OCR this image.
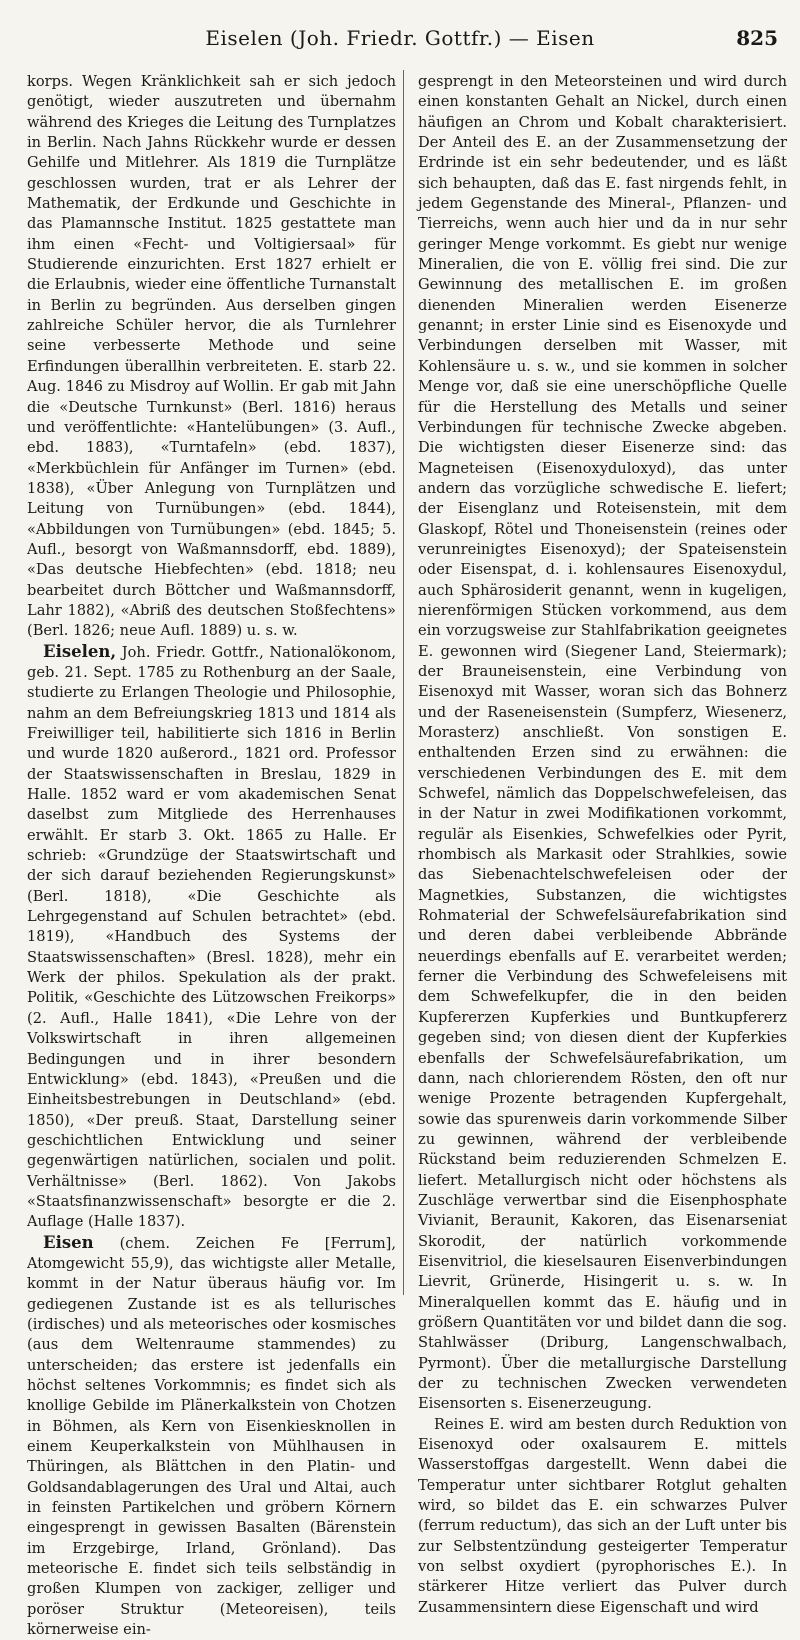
Eiselen (Joh. Friedr. Gottfr.) — Eisen	825

korps. Wegen Kränklichkeit sah er sich jedoch genötigt, wieder auszutreten und übernahm während des Krieges die Leitung des Turnplatzes in Berlin. Nach Jahns Rückkehr wurde er dessen Gehilfe und Mitlehrer. Als 1819 die Turnplätze geschlossen wurden, trat er als Lehrer der Mathematik, der Erdkunde und Geschichte in das Plamannsche Institut. 1825 gestattete man ihm einen «Fecht- und Voltigiersaal» für Studierende einzurichten. Erst 1827 erhielt er die Erlaubnis, wieder eine öffentliche Turnanstalt in Berlin zu begründen. Aus derselben gingen zahlreiche Schüler hervor, die als Turnlehrer seine verbesserte Methode und seine Erfindungen überallhin verbreiteten. E. starb 22. Aug. 1846 zu Misdroy auf Wollin. Er gab mit Jahn die «Deutsche Turnkunst» (Berl. 1816) heraus und veröffentlichte: «Hantelübungen» (3. Aufl., ebd. 1883), «Turntafeln» (ebd. 1837), «Merkbüchlein für Anfänger im Turnen» (ebd. 1838), «Über Anlegung von Turnplätzen und Leitung von Turnübungen» (ebd. 1844), «Abbildungen von Turnübungen» (ebd. 1845; 5. Aufl., besorgt von Waßmannsdorff, ebd. 1889), «Das deutsche Hiebfechten» (ebd. 1818; neu bearbeitet durch Böttcher und Waßmannsdorff, Lahr 1882), «Abriß des deutschen Stoßfechtens» (Berl. 1826; neue Aufl. 1889) u. s. w.

Eiselen, Joh. Friedr. Gottfr., Nationalökonom, geb. 21. Sept. 1785 zu Rothenburg an der Saale, studierte zu Erlangen Theologie und Philosophie, nahm an dem Befreiungskrieg 1813 und 1814 als Freiwilliger teil, habilitierte sich 1816 in Berlin und wurde 1820 außerord., 1821 ord. Professor der Staatswissenschaften in Breslau, 1829 in Halle. 1852 ward er vom akademischen Senat daselbst zum Mitgliede des Herrenhauses erwählt. Er starb 3. Okt. 1865 zu Halle. Er schrieb: «Grundzüge der Staatswirtschaft und der sich darauf beziehenden Regierungskunst» (Berl. 1818), «Die Geschichte als Lehrgegenstand auf Schulen betrachtet» (ebd. 1819), «Handbuch des Systems der Staatswissenschaften» (Bresl. 1828), mehr ein Werk der philos. Spekulation als der prakt. Politik, «Geschichte des Lützowschen Freikorps» (2. Aufl., Halle 1841), «Die Lehre von der Volkswirtschaft in ihren allgemeinen Bedingungen und in ihrer besondern Entwicklung» (ebd. 1843), «Preußen und die Einheitsbestrebungen in Deutschland» (ebd. 1850), «Der preuß. Staat, Darstellung seiner geschichtlichen Entwicklung und seiner gegenwärtigen natürlichen, socialen und polit. Verhältnisse» (Berl. 1862). Von Jakobs «Staatsfinanzwissenschaft» besorgte er die 2. Auflage (Halle 1837).

Eisen (chem. Zeichen Fe [Ferrum], Atomgewicht 55,9), das wichtigste aller Metalle, kommt in der Natur überaus häufig vor. Im gediegenen Zustande ist es als tellurisches (irdisches) und als meteorisches oder kosmisches (aus dem Weltenraume stammendes) zu unterscheiden; das erstere ist jedenfalls ein höchst seltenes Vorkommnis; es findet sich als knollige Gebilde im Plänerkalkstein von Chotzen in Böhmen, als Kern von Eisenkiesknollen in einem Keuperkalkstein von Mühlhausen in Thüringen, als Blättchen in den Platin- und Goldsandablagerungen des Ural und Altai, auch in feinsten Partikelchen und gröbern Körnern eingesprengt in gewissen Basalten (Bärenstein im Erzgebirge, Irland, Grönland). Das meteorische E. findet sich teils selbständig in großen Klumpen von zackiger, zelliger und poröser Struktur (Meteoreisen), teils körnerweise ein-

gesprengt in den Meteorsteinen und wird durch einen konstanten Gehalt an Nickel, durch einen häufigen an Chrom und Kobalt charakterisiert. Der Anteil des E. an der Zusammensetzung der Erdrinde ist ein sehr bedeutender, und es läßt sich behaupten, daß das E. fast nirgends fehlt, in jedem Gegenstande des Mineral-, Pflanzen- und Tierreichs, wenn auch hier und da in nur sehr geringer Menge vorkommt. Es giebt nur wenige Mineralien, die von E. völlig frei sind. Die zur Gewinnung des metallischen E. im großen dienenden Mineralien werden Eisenerze genannt; in erster Linie sind es Eisenoxyde und Verbindungen derselben mit Wasser, mit Kohlensäure u. s. w., und sie kommen in solcher Menge vor, daß sie eine unerschöpfliche Quelle für die Herstellung des Metalls und seiner Verbindungen für technische Zwecke abgeben. Die wichtigsten dieser Eisenerze sind: das Magneteisen (Eisenoxyduloxyd), das unter andern das vorzügliche schwedische E. liefert; der Eisenglanz und Roteisenstein, mit dem Glaskopf, Rötel und Thoneisenstein (reines oder verunreinigtes Eisenoxyd); der Spateisenstein oder Eisenspat, d. i. kohlensaures Eisenoxydul, auch Sphärosiderit genannt, wenn in kugeligen, nierenförmigen Stücken vorkommend, aus dem ein vorzugsweise zur Stahlfabrikation geeignetes E. gewonnen wird (Siegener Land, Steiermark); der Brauneisenstein, eine Verbindung von Eisenoxyd mit Wasser, woran sich das Bohnerz und der Raseneisenstein (Sumpferz, Wiesenerz, Morasterz) anschließt. Von sonstigen E. enthaltenden Erzen sind zu erwähnen: die verschiedenen Verbindungen des E. mit dem Schwefel, nämlich das Doppelschwefeleisen, das in der Natur in zwei Modifikationen vorkommt, regulär als Eisenkies, Schwefelkies oder Pyrit, rhombisch als Markasit oder Strahlkies, sowie das Siebenachtelschwefeleisen oder der Magnetkies, Substanzen, die wichtigstes Rohmaterial der Schwefelsäurefabrikation sind und deren dabei verbleibende Abbrände neuerdings ebenfalls auf E. verarbeitet werden; ferner die Verbindung des Schwefeleisens mit dem Schwefelkupfer, die in den beiden Kupfererzen Kupferkies und Buntkupfererz gegeben sind; von diesen dient der Kupferkies ebenfalls der Schwefelsäurefabrikation, um dann, nach chlorierendem Rösten, den oft nur wenige Prozente betragenden Kupfergehalt, sowie das spurenweis darin vorkommende Silber zu gewinnen, während der verbleibende Rückstand beim reduzierenden Schmelzen E. liefert. Metallurgisch nicht oder höchstens als Zuschläge verwertbar sind die Eisenphosphate Vivianit, Beraunit, Kakoren, das Eisenarseniat Skorodit, der natürlich vorkommende Eisenvitriol, die kieselsauren Eisenverbindungen Lievrit, Grünerde, Hisingerit u. s. w. In Mineralquellen kommt das E. häufig und in größern Quantitäten vor und bildet dann die sog. Stahlwässer (Driburg, Langenschwalbach, Pyrmont). Über die metallurgische Darstellung der zu technischen Zwecken verwendeten Eisensorten s. Eisenerzeugung.

Reines E. wird am besten durch Reduktion von Eisenoxyd oder oxalsaurem E. mittels Wasserstoffgas dargestellt. Wenn dabei die Temperatur unter sichtbarer Rotglut gehalten wird, so bildet das E. ein schwarzes Pulver (ferrum reductum), das sich an der Luft unter bis zur Selbstentzündung gesteigerter Temperatur von selbst oxydiert (pyrophorisches E.). In stärkerer Hitze verliert das Pulver durch Zusammensintern diese Eigenschaft und wird
